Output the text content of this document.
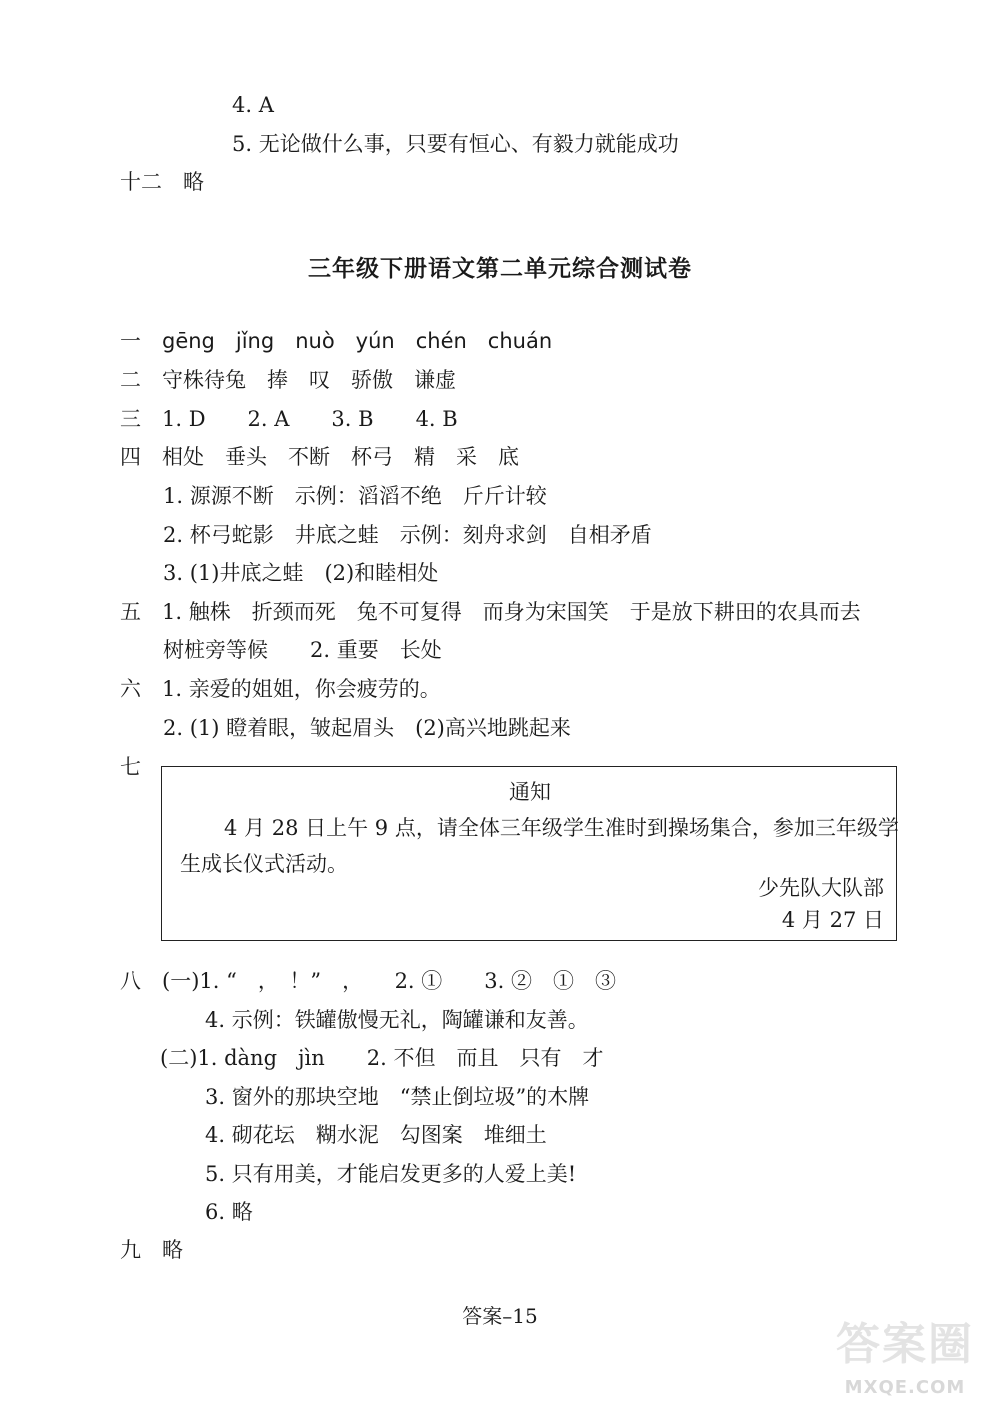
4. A
5. 无论做什么事，只要有恒心、有毅力就能成功
十二　略
三年级下册语文第二单元综合测试卷
一　gēng　jǐng　nuò　yún　chén　chuán
二　守株待兔　捧　叹　骄傲　谦虚
三　1. D　　2. A　　3. B　　4. B
四　相处　垂头　不断　杯弓　精　采　底
1. 源源不断　示例：滔滔不绝　斤斤计较
2. 杯弓蛇影　井底之蛙　示例：刻舟求剑　自相矛盾
3. (1)井底之蛙　(2)和睦相处
五　1. 触株　折颈而死　兔不可复得　而身为宋国笑　于是放下耕田的农具而去
树桩旁等候　　2. 重要　长处
六　1. 亲爱的姐姐，你会疲劳的。
2. (1) 瞪着眼，皱起眉头　(2)高兴地跳起来
七
通知
4 月 28 日上午 9 点，请全体三年级学生准时到操场集合，参加三年级学
生成长仪式活动。
少先队大队部
4 月 27 日
八　(一)1. “　，　！”　，　　2. ①　　3. ②　①　③
4. 示例：铁罐傲慢无礼，陶罐谦和友善。
(二)1. dàng　jìn　　2. 不但　而且　只有　才
3. 窗外的那块空地　“禁止倒垃圾”的木牌
4. 砌花坛　糊水泥　勾图案　堆细土
5. 只有用美，才能启发更多的人爱上美!
6. 略
九　略
答案–15
答案圈
MXQE.COM
